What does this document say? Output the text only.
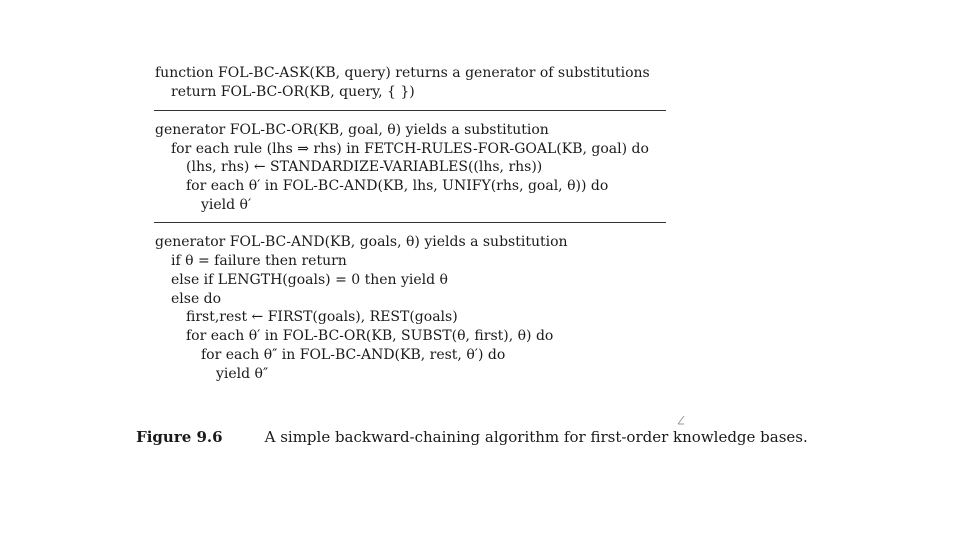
function FOL-BC-ASK(KB, query) returns a generator of substitutions
return FOL-BC-OR(KB, query, { })
generator FOL-BC-OR(KB, goal, θ) yields a substitution
for each rule (lhs ⇒ rhs) in FETCH-RULES-FOR-GOAL(KB, goal) do
(lhs, rhs) ← STANDARDIZE-VARIABLES((lhs, rhs))
for each θ′ in FOL-BC-AND(KB, lhs, UNIFY(rhs, goal, θ)) do
yield θ′
generator FOL-BC-AND(KB, goals, θ) yields a substitution
if θ = failure then return
else if LENGTH(goals) = 0 then yield θ
else do
first,rest ← FIRST(goals), REST(goals)
for each θ′ in FOL-BC-OR(KB, SUBST(θ, first), θ) do
for each θ″ in FOL-BC-AND(KB, rest, θ′) do
yield θ″

Figure 9.6	A simple backward-chaining algorithm for first-order knowledge bases.
